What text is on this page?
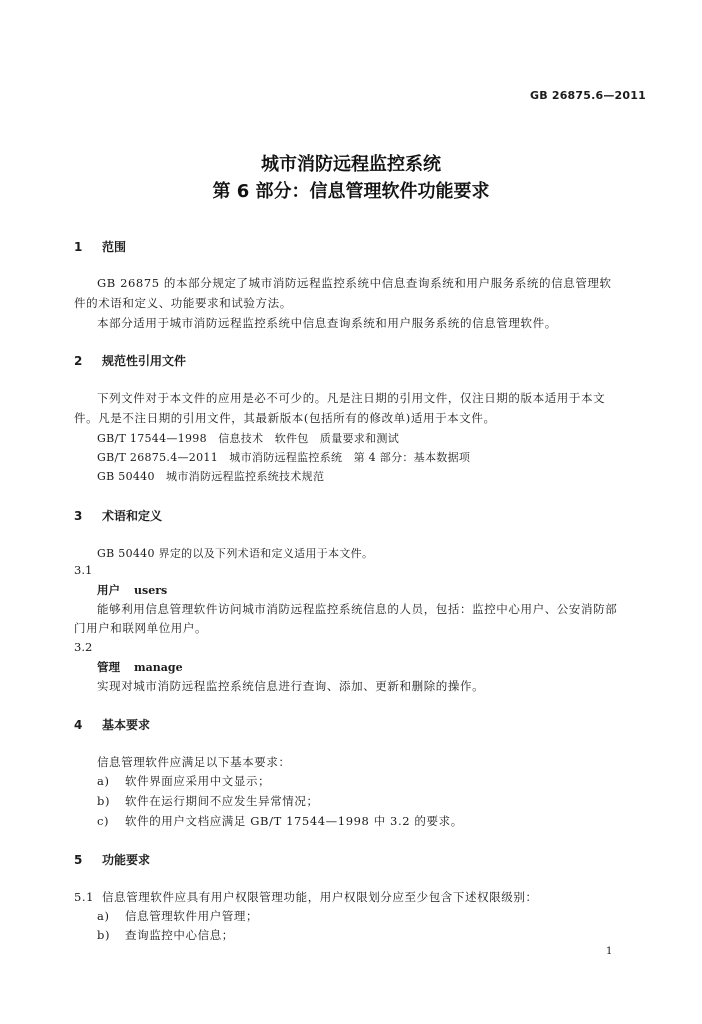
GB 26875.6—2011
城市消防远程监控系统
第 6 部分：信息管理软件功能要求
1 范围
GB 26875 的本部分规定了城市消防远程监控系统中信息查询系统和用户服务系统的信息管理软
件的术语和定义、功能要求和试验方法。
本部分适用于城市消防远程监控系统中信息查询系统和用户服务系统的信息管理软件。
2 规范性引用文件
下列文件对于本文件的应用是必不可少的。凡是注日期的引用文件，仅注日期的版本适用于本文
件。凡是不注日期的引用文件，其最新版本(包括所有的修改单)适用于本文件。
GB/T 17544—1998　信息技术　软件包　质量要求和测试
GB/T 26875.4—2011　城市消防远程监控系统　第 4 部分：基本数据项
GB 50440　城市消防远程监控系统技术规范
3 术语和定义
GB 50440 界定的以及下列术语和定义适用于本文件。
3.1
用户 users
能够利用信息管理软件访问城市消防远程监控系统信息的人员，包括：监控中心用户、公安消防部
门用户和联网单位用户。
3.2
管理 manage
实现对城市消防远程监控系统信息进行查询、添加、更新和删除的操作。
4 基本要求
信息管理软件应满足以下基本要求：
a) 软件界面应采用中文显示；
b) 软件在运行期间不应发生异常情况；
c) 软件的用户文档应满足 GB/T 17544—1998 中 3.2 的要求。
5 功能要求
5.1 信息管理软件应具有用户权限管理功能，用户权限划分应至少包含下述权限级别：
a) 信息管理软件用户管理；
b) 查询监控中心信息；
1
